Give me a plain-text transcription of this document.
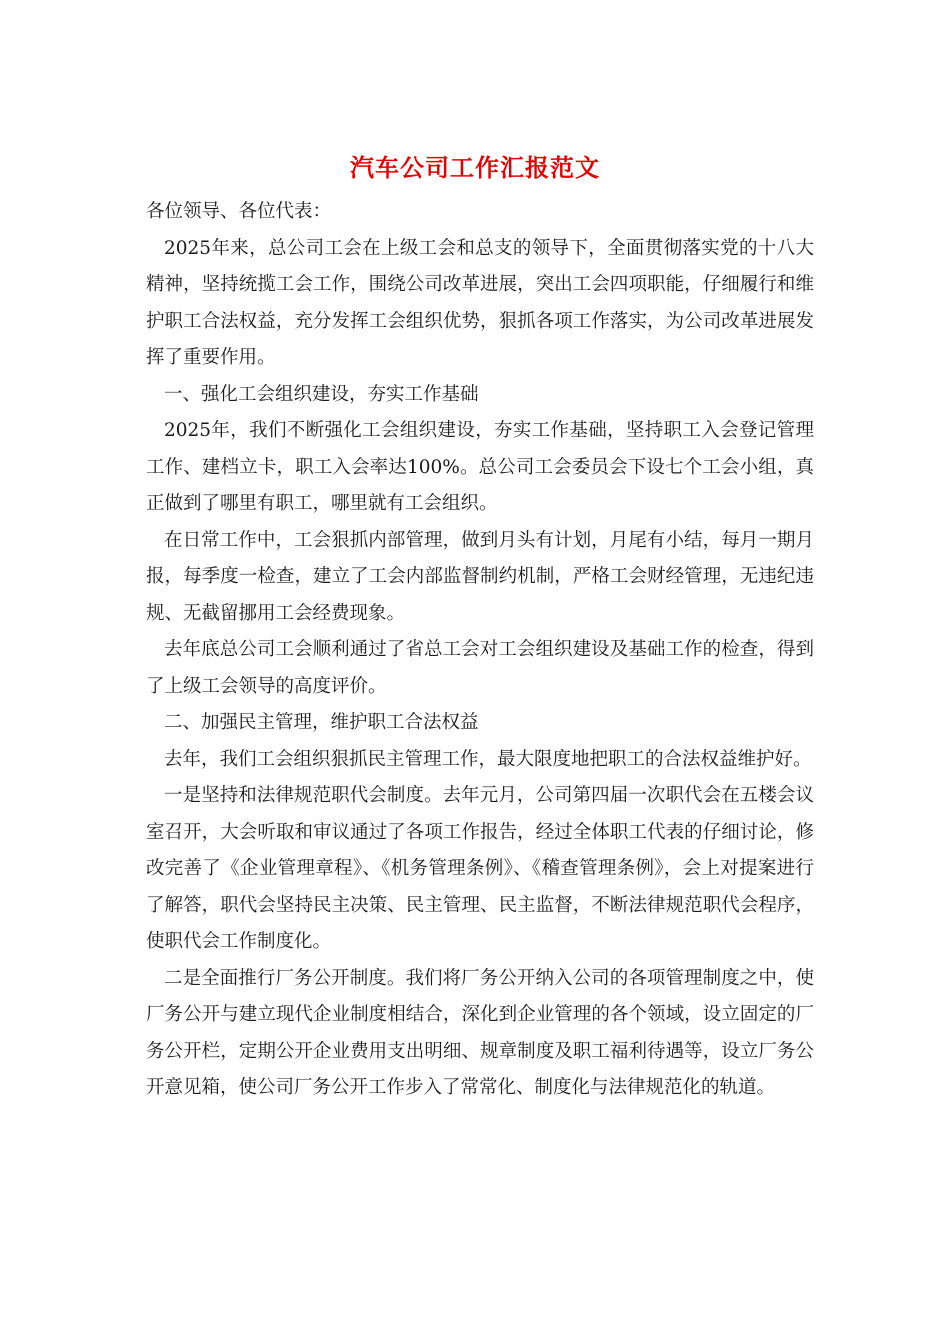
汽车公司工作汇报范文

各位领导、各位代表：

2025年来，总公司工会在上级工会和总支的领导下，全面贯彻落实党的十八大精神，坚持统揽工会工作，围绕公司改革进展，突出工会四项职能，仔细履行和维护职工合法权益，充分发挥工会组织优势，狠抓各项工作落实，为公司改革进展发挥了重要作用。

一、强化工会组织建设，夯实工作基础

2025年，我们不断强化工会组织建设，夯实工作基础，坚持职工入会登记管理工作、建档立卡，职工入会率达100%。总公司工会委员会下设七个工会小组，真正做到了哪里有职工，哪里就有工会组织。

在日常工作中，工会狠抓内部管理，做到月头有计划，月尾有小结，每月一期月报，每季度一检查，建立了工会内部监督制约机制，严格工会财经管理，无违纪违规、无截留挪用工会经费现象。

去年底总公司工会顺利通过了省总工会对工会组织建设及基础工作的检查，得到了上级工会领导的高度评价。

二、加强民主管理，维护职工合法权益

去年，我们工会组织狠抓民主管理工作，最大限度地把职工的合法权益维护好。

一是坚持和法律规范职代会制度。去年元月，公司第四届一次职代会在五楼会议室召开，大会听取和审议通过了各项工作报告，经过全体职工代表的仔细讨论，修改完善了《企业管理章程》、《机务管理条例》、《稽查管理条例》，会上对提案进行了解答，职代会坚持民主决策、民主管理、民主监督，不断法律规范职代会程序，使职代会工作制度化。

二是全面推行厂务公开制度。我们将厂务公开纳入公司的各项管理制度之中，使厂务公开与建立现代企业制度相结合，深化到企业管理的各个领域，设立固定的厂务公开栏，定期公开企业费用支出明细、规章制度及职工福利待遇等，设立厂务公开意见箱，使公司厂务公开工作步入了常常化、制度化与法律规范化的轨道。
